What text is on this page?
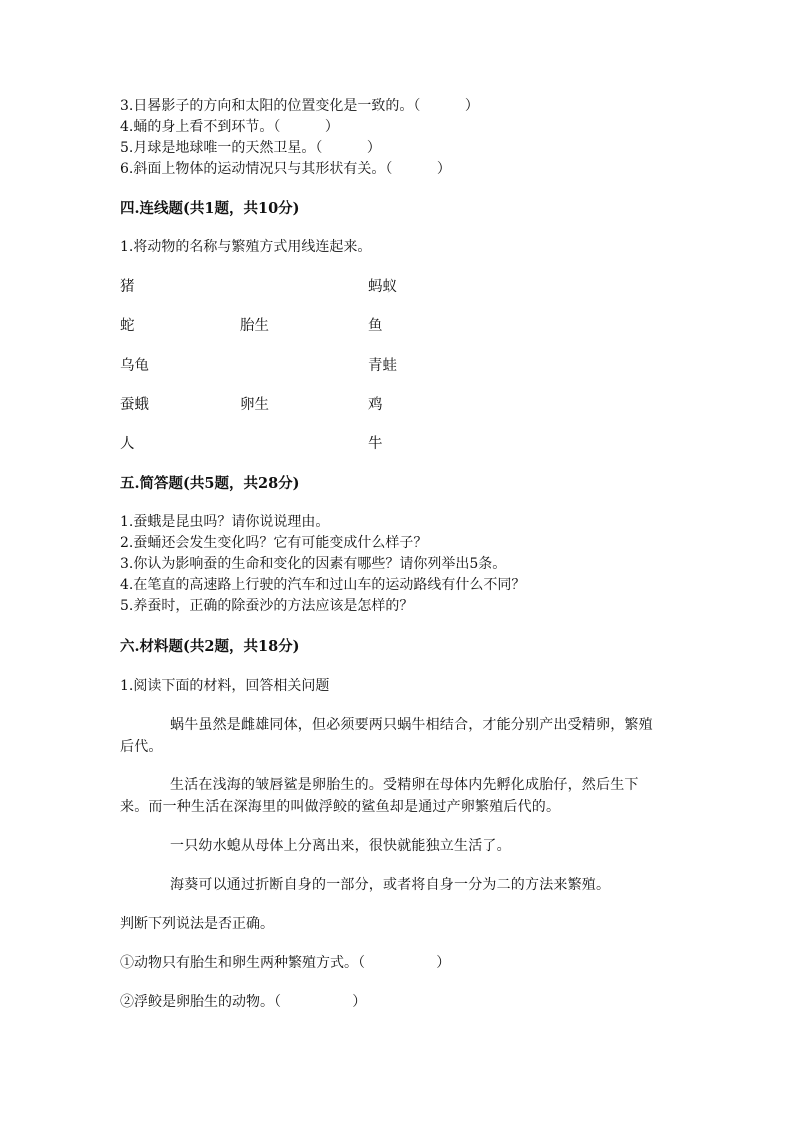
3.日晷影子的方向和太阳的位置变化是一致的。（          ）
4.蛹的身上看不到环节。（          ）
5.月球是地球唯一的天然卫星。（          ）
6.斜面上物体的运动情况只与其形状有关。（          ）
四.连线题(共1题，共10分)
1.将动物的名称与繁殖方式用线连起来。
猪
蛇
乌龟
蚕蛾
人
胎生
卵生
蚂蚁
鱼
青蛙
鸡
牛
五.简答题(共5题，共28分)
1.蚕蛾是昆虫吗？请你说说理由。
2.蚕蛹还会发生变化吗？它有可能变成什么样子？
3.你认为影响蚕的生命和变化的因素有哪些？请你列举出5条。
4.在笔直的高速路上行驶的汽车和过山车的运动路线有什么不同？
5.养蚕时，正确的除蚕沙的方法应该是怎样的？
六.材料题(共2题，共18分)
1.阅读下面的材料，回答相关问题
蜗牛虽然是雌雄同体，但必须要两只蜗牛相结合，才能分别产出受精卵，繁殖后代。
生活在浅海的皱唇鲨是卵胎生的。受精卵在母体内先孵化成胎仔，然后生下来。而一种生活在深海里的叫做浮鲛的鲨鱼却是通过产卵繁殖后代的。
一只幼水螅从母体上分离出来，很快就能独立生活了。
海葵可以通过折断自身的一部分，或者将自身一分为二的方法来繁殖。
判断下列说法是否正确。
①动物只有胎生和卵生两种繁殖方式。（                ）
②浮鲛是卵胎生的动物。（                ）
